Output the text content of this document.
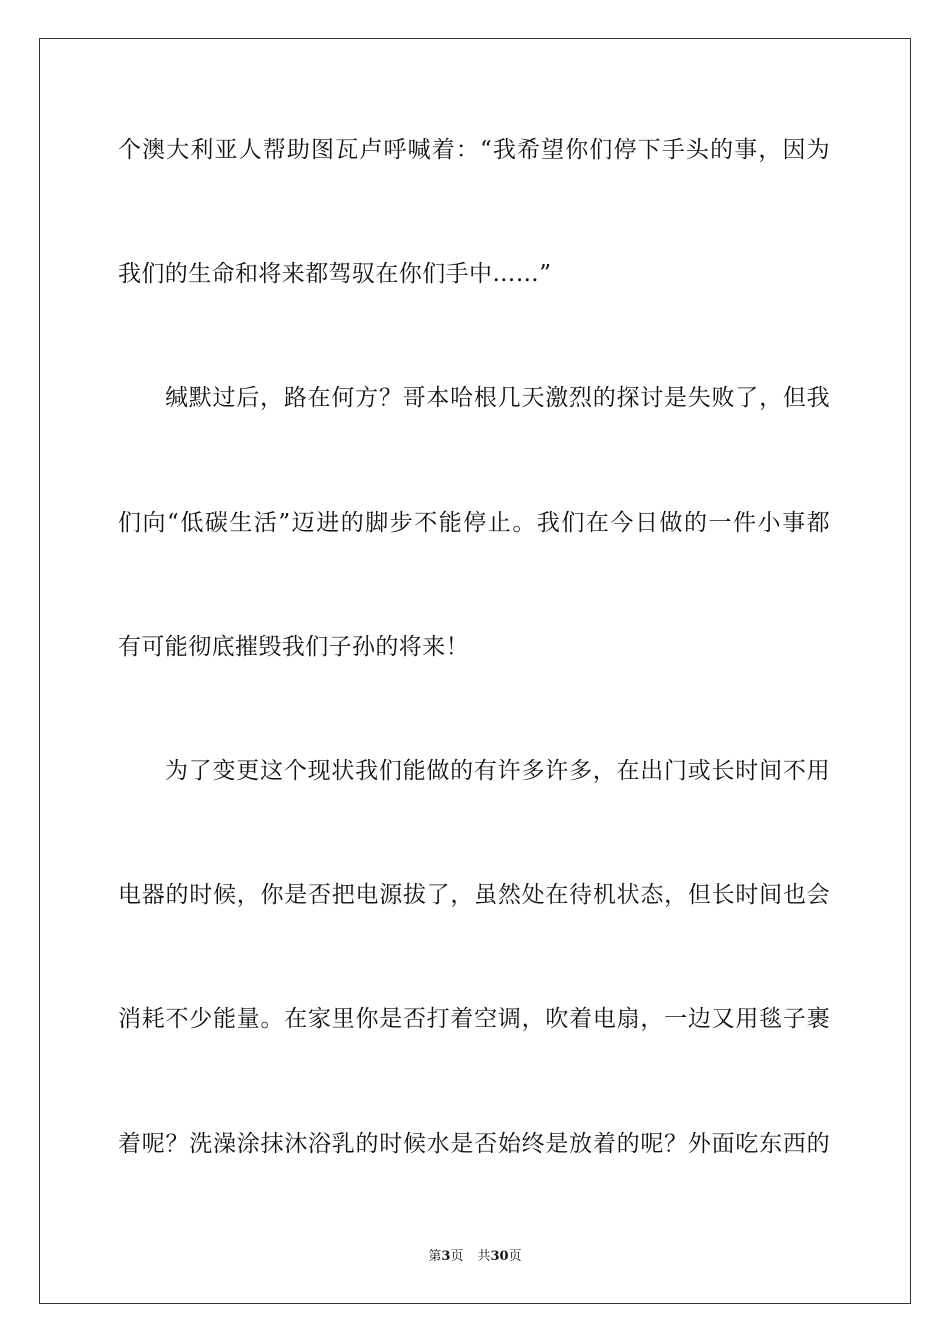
个澳大利亚人帮助图瓦卢呼喊着：“我希望你们停下手头的事，因为
我们的生命和将来都驾驭在你们手中……”
缄默过后，路在何方？哥本哈根几天激烈的探讨是失败了，但我
们向“低碳生活”迈进的脚步不能停止。我们在今日做的一件小事都
有可能彻底摧毁我们子孙的将来！
为了变更这个现状我们能做的有许多许多，在出门或长时间不用
电器的时候，你是否把电源拔了，虽然处在待机状态，但长时间也会
消耗不少能量。在家里你是否打着空调，吹着电扇，一边又用毯子裹
着呢？洗澡涂抹沐浴乳的时候水是否始终是放着的呢？外面吃东西的
第3页 共30页
